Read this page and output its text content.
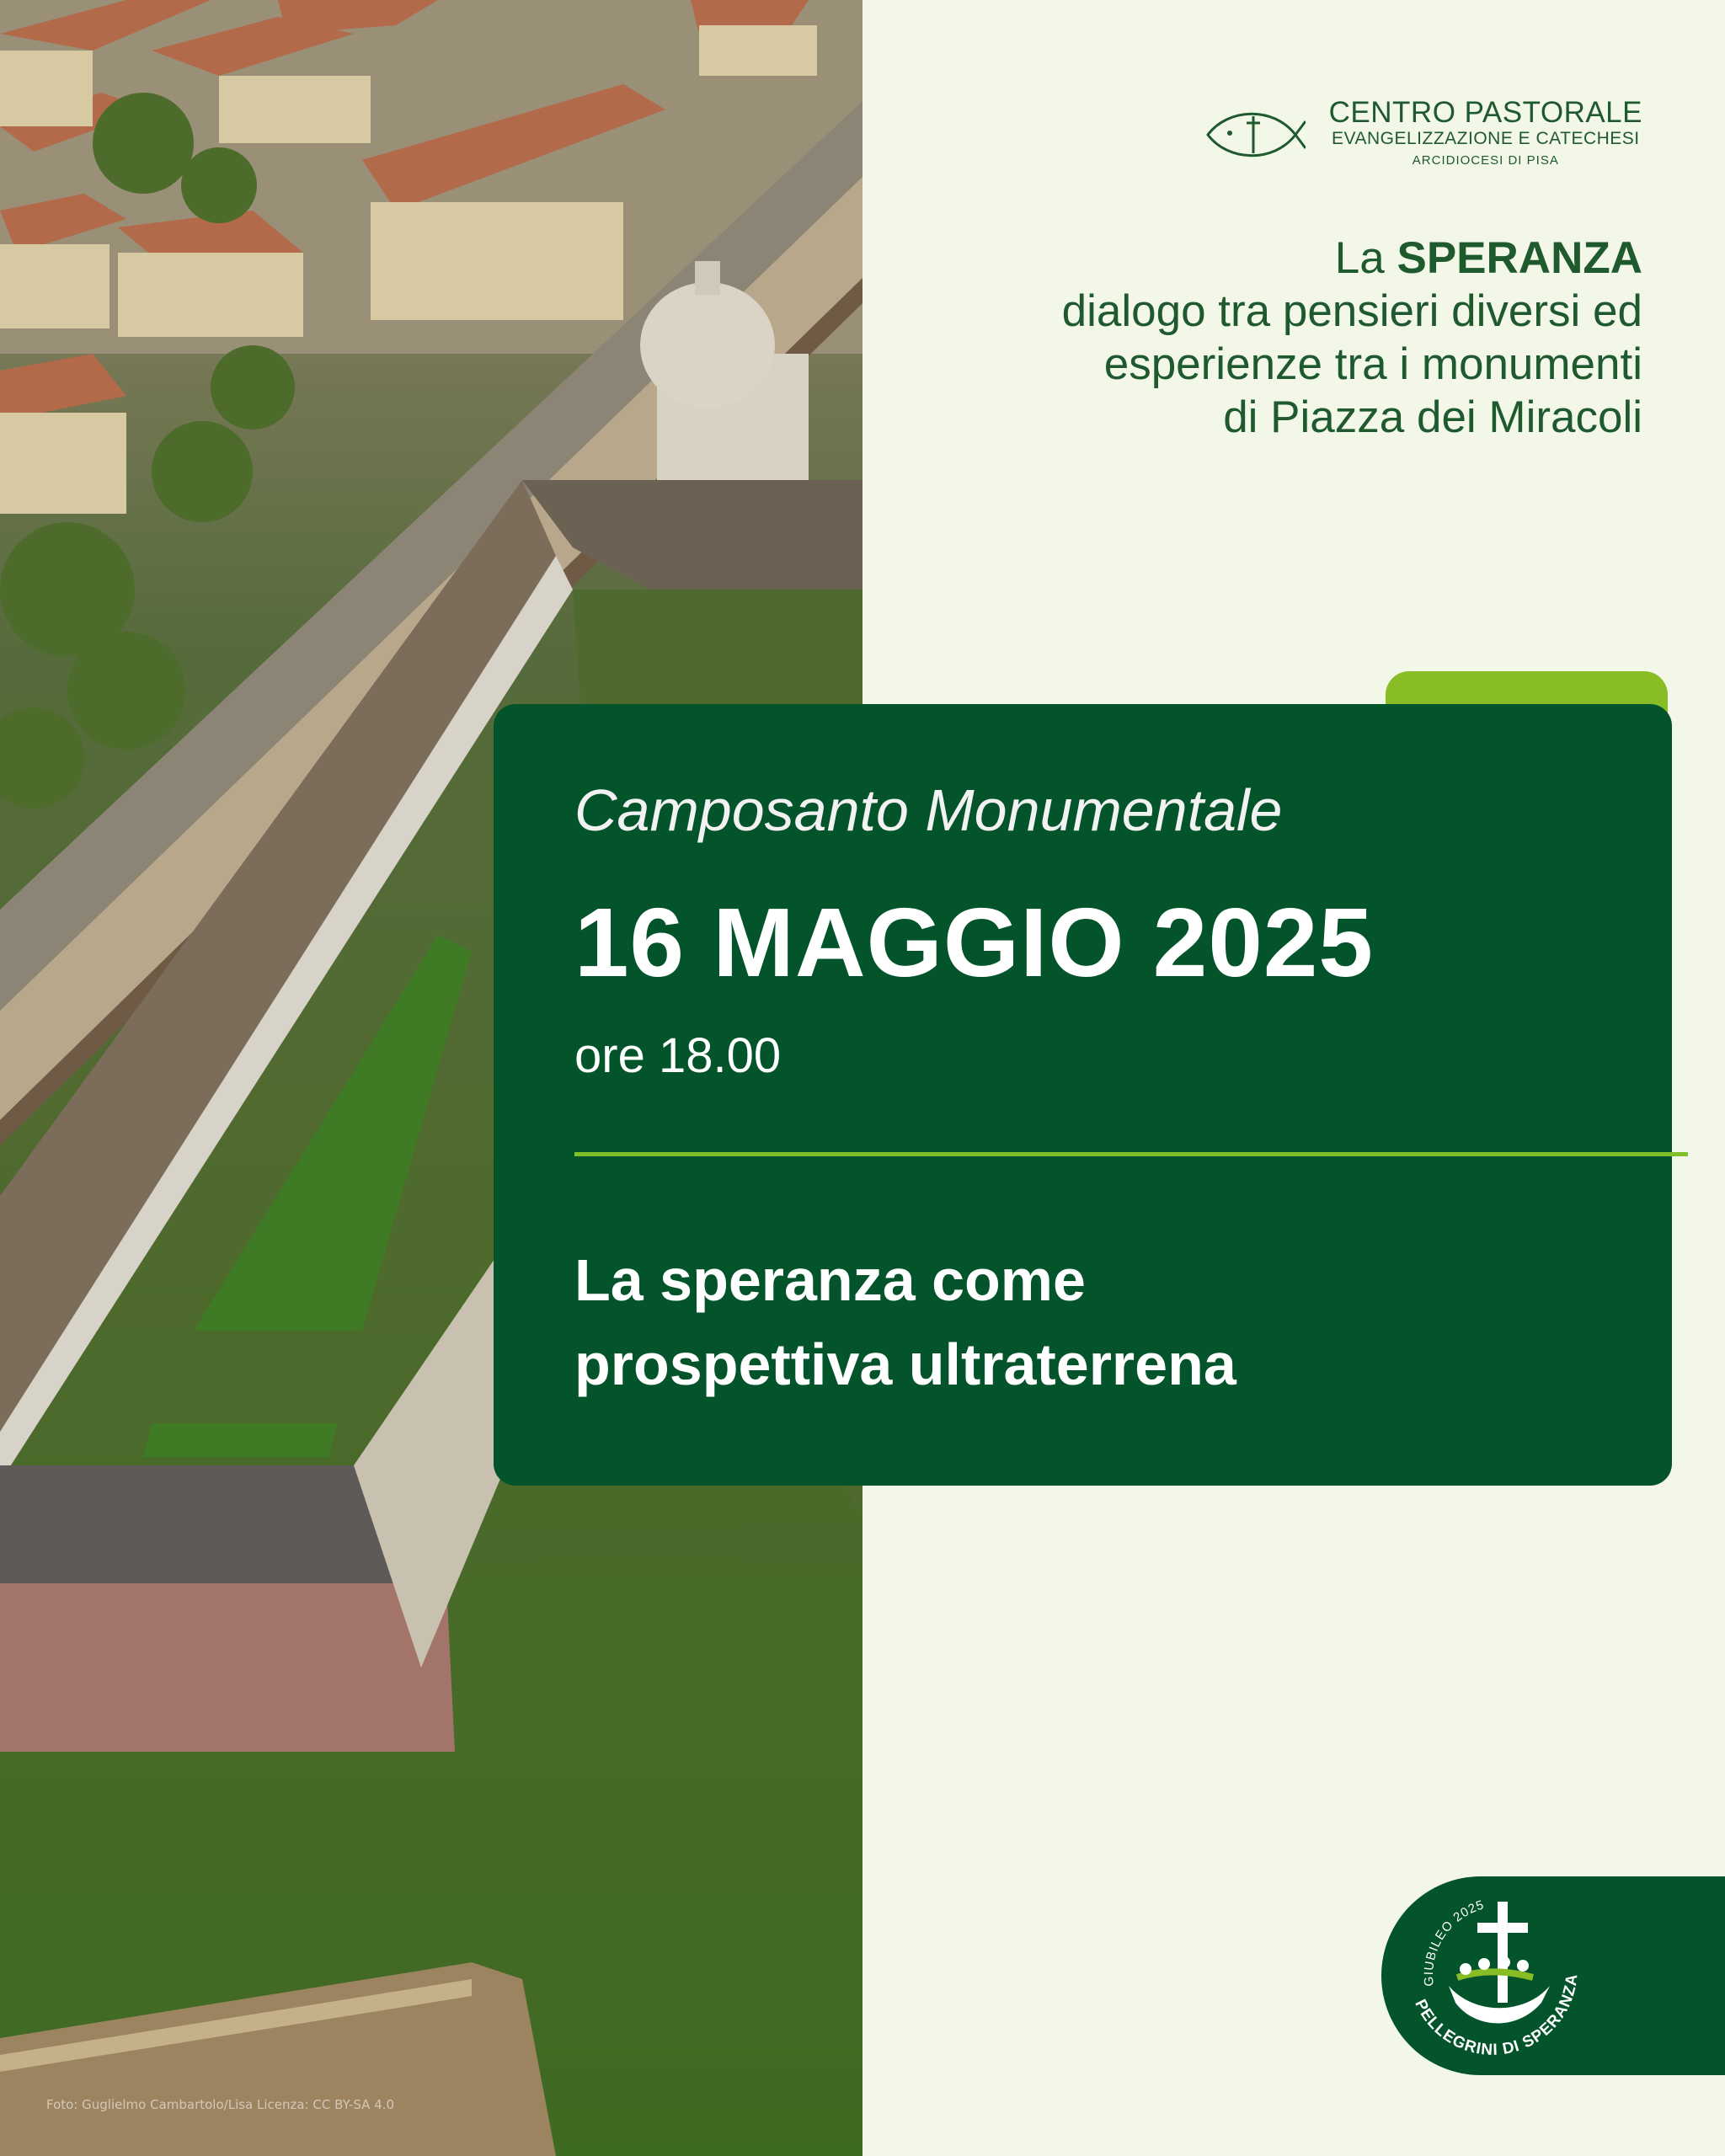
Foto: Guglielmo Cambartolo/Lisa Licenza: CC BY-SA 4.0
CENTRO PASTORALE
EVANGELIZZAZIONE E CATECHESI
ARCIDIOCESI DI PISA
La SPERANZA
dialogo tra pensieri diversi ed
esperienze tra i monumenti
di Piazza dei Miracoli
Camposanto Monumentale
16 MAGGIO 2025
ore 18.00
La speranza come
prospettiva ultraterrena
GIUBILEO 2025
PELLEGRINI DI SPERANZA
